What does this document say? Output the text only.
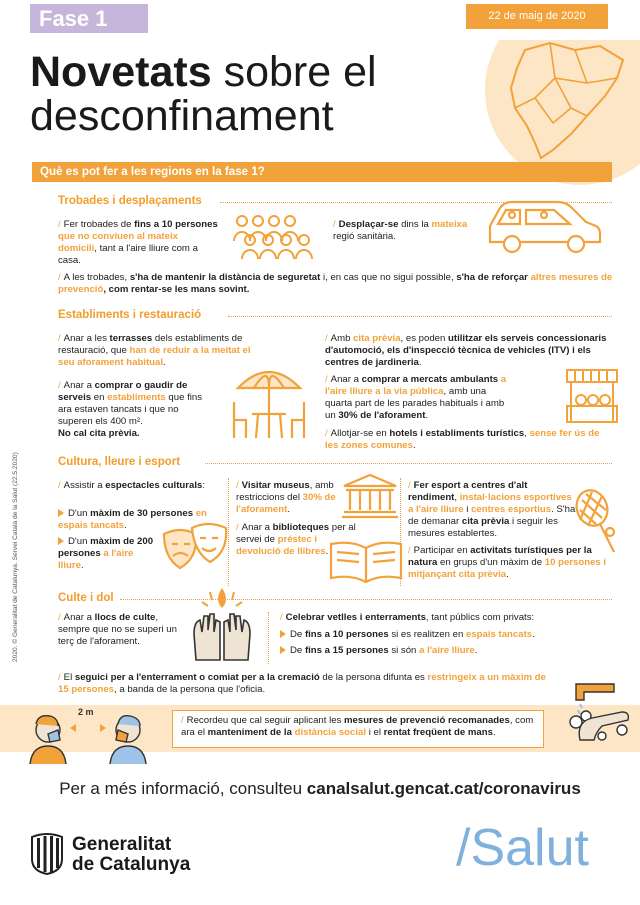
Fase 1	22 de maig de 2020
Novetats sobre el
desconfinament
Què es pot fer a les regions en la fase 1?
2020. © Generalitat de Catalunya. Servei Català de la Salut (22.5.2020)
Trobades i desplaçaments
/ Fer trobades de fins a 10 persones que no conviuen al mateix domicili, tant a l'aire lliure com a casa.
/ Desplaçar-se dins la mateixa regió sanitària.
/ A les trobades, s'ha de mantenir la distància de seguretat i, en cas que no sigui possible, s'ha de reforçar altres mesures de prevenció, com rentar-se les mans sovint.
Establiments i restauració
/ Anar a les terrasses dels establiments de restauració, que han de reduir a la meitat el seu aforament habitual.
/ Anar a comprar o gaudir de serveis en establiments que fins ara estaven tancats i que no superen els 400 m².
No cal cita prèvia.
/ Amb cita prèvia, es poden utilitzar els serveis concessionaris d'automoció, els d'inspecció tècnica de vehicles (ITV) i els centres de jardineria.
/ Anar a comprar a mercats ambulants a l'aire lliure a la via pública, amb una quarta part de les parades habituals i amb un 30% de l'aforament.
/ Allotjar-se en hotels i establiments turístics, sense fer ús de les zones comunes.
Cultura, lleure i esport
/ Assistir a espectacles culturals:
D'un màxim de 30 persones en espais tancats.
D'un màxim de 200 persones a l'aire lliure.
/ Visitar museus, amb restriccions del 30% de l'aforament.
/ Anar a biblioteques per al servei de préstec i devolució de llibres.
/ Fer esport a centres d'alt rendiment, instal·lacions esportives a l'aire lliure i centres esportius. S'ha de demanar cita prèvia i seguir les mesures establertes.
/ Participar en activitats turístiques per la natura en grups d'un màxim de 10 persones i mitjançant cita prèvia.
Culte i dol
/ Anar a llocs de culte, sempre que no se superi un terç de l'aforament.
/ Celebrar vetlles i enterraments, tant públics com privats:
De fins a 10 persones si es realitzen en espais tancats.
De fins a 15 persones si són a l'aire lliure.
/ El seguici per a l'enterrament o comiat per a la cremació de la persona difunta es restringeix a un màxim de 15 persones, a banda de la persona que l'oficia.
2 m
/ Recordeu que cal seguir aplicant les mesures de prevenció recomanades, com ara el manteniment de la distància social i el rentat freqüent de mans.
Per a més informació, consulteu canalsalut.gencat.cat/coronavirus
Generalitat
de Catalunya	/Salut
